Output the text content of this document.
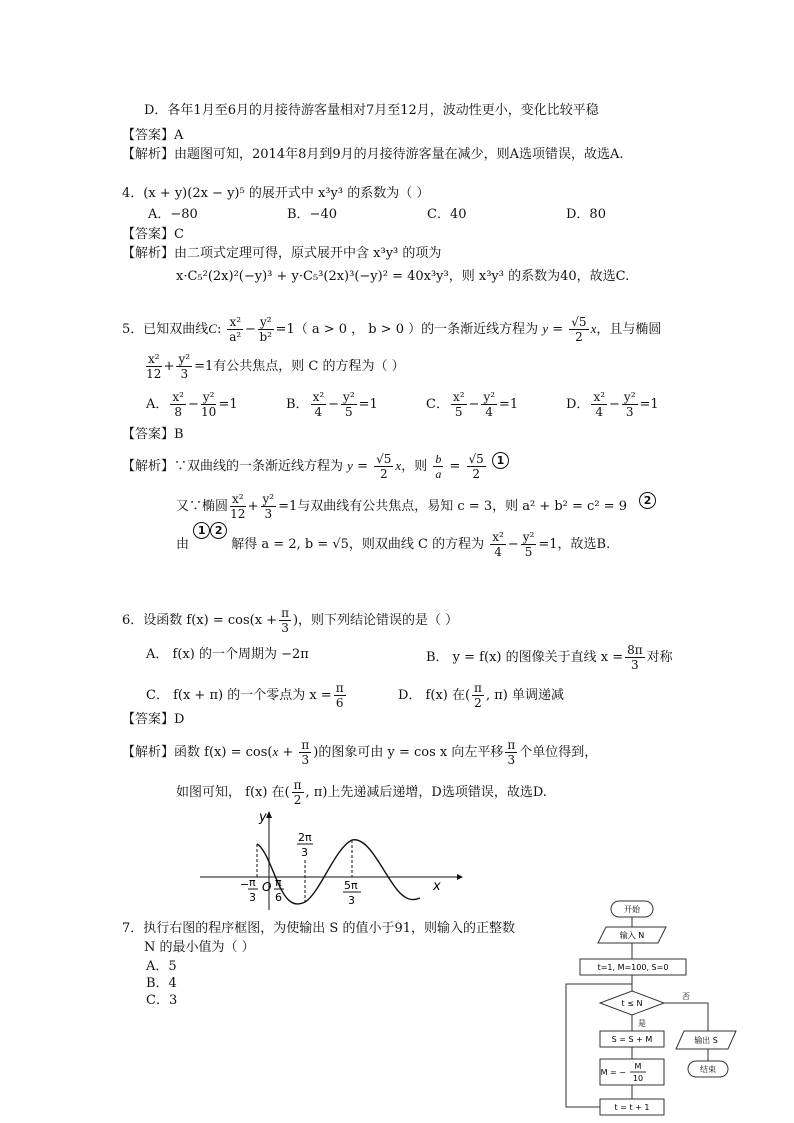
D．各年1月至6月的月接待游客量相对7月至12月，波动性更小，变化比较平稳
【答案】A
【解析】由题图可知，2014年8月到9月的月接待游客量在减少，则A选项错误，故选A.
4．(x + y)(2x − y)⁵ 的展开式中 x³y³ 的系数为（ ）
A．−80	B．−40	C．40	D．80
【答案】C
【解析】由二项式定理可得，原式展开中含 x³y³ 的项为
x·C₅²(2x)²(−y)³ + y·C₅³(2x)³(−y)² = 40x³y³，则 x³y³ 的系数为40，故选C.
5．已知双曲线C: $\frac{\text{x²}}{\text{a²}} - \frac{\text{y²}}{\text{b²}} =1$（ a > 0 ， b > 0 ）的一条渐近线方程为 $y = \frac{√5}{2}$ x，且与椭圆
$\frac{\text{x²}}{12} + \frac{\text{y²}}{3} =1$有公共焦点，则 C 的方程为（ ）
A． $\frac{\text{x²}}{8} - \frac{\text{y²}}{10} =1$	B． $\frac{\text{x²}}{4} - \frac{\text{y²}}{5} =1$	C． $\frac{\text{x²}}{5} - \frac{\text{y²}}{4} =1$	D． $\frac{\text{x²}}{4} - \frac{\text{y²}}{3} =1$
【答案】B
【解析】∵双曲线的一条渐近线方程为 $y = \frac{√5}{2}$ x，则 $\frac{b}{a} = \frac{√5}{2} 1$
又∵椭圆 $\frac{\text{x²}}{12} + \frac{\text{y²}}{3} =1$与双曲线有公共焦点，易知 c = 3，则 a² + b² = c² = 9 2
由 1 2 解得 a = 2, b = √5，则双曲线 C 的方程为 $\frac{\text{x²}}{4} - \frac{\text{y²}}{5} =1$，故选B.
6．设函数 $f(x) = \cos(x + \frac{\pi}{3}$ )，则下列结论错误的是（ ）
A． f(x) 的一个周期为 −2π	B． y = f(x) 的图像关于直线 $x = \frac{8\pi}{3}$ 对称
C． f(x + π) 的一个零点为 $x = \frac{\pi}{6}$	D． f(x) 在( $\frac{\pi}{2}$ , π) 单调递减
【答案】D
【解析】函数 $f(x) = \cos(x + \frac{\pi}{3}$ )的图象可由 y = cos x 向左平移 $\frac{\pi}{3}$ 个单位得到，
如图可知， f(x) 在( $\frac{\pi}{2}$ , π)上先递减后递增，D选项错误，故选D.
y
x
O
2π
3
− π
3
π
6
5π
3
7．执行右图的程序框图，为使输出 S 的值小于91，则输入的正整数
N 的最小值为（ ）
A．5
B．4
C．3
开始
输入 N
t=1, M=100, S=0
t ≤ N
是
否
S = S + M
M = −
M
10
t = t + 1
输出 S
结束
